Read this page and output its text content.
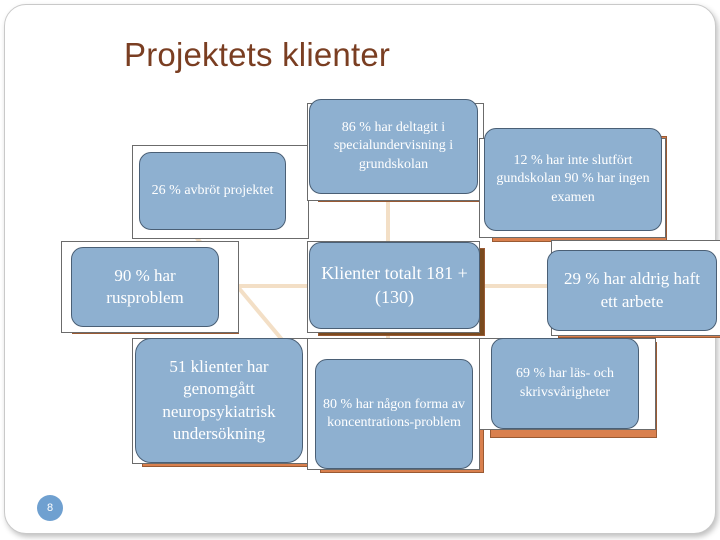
Projektets klienter
26 % avbröt projektet
86 % har deltagit i specialundervisning i grundskolan	12 % har inte slutfört gundskolan 90 % har ingen examen
90 % har rusproblem
Klienter totalt 181 + (130)
29 % har aldrig haft ett arbete
51 klienter har genomgått neuropsykiatrisk undersökning
80 % har någon forma av koncentrations-problem
69 % har läs- och skrivsvårigheter
8
